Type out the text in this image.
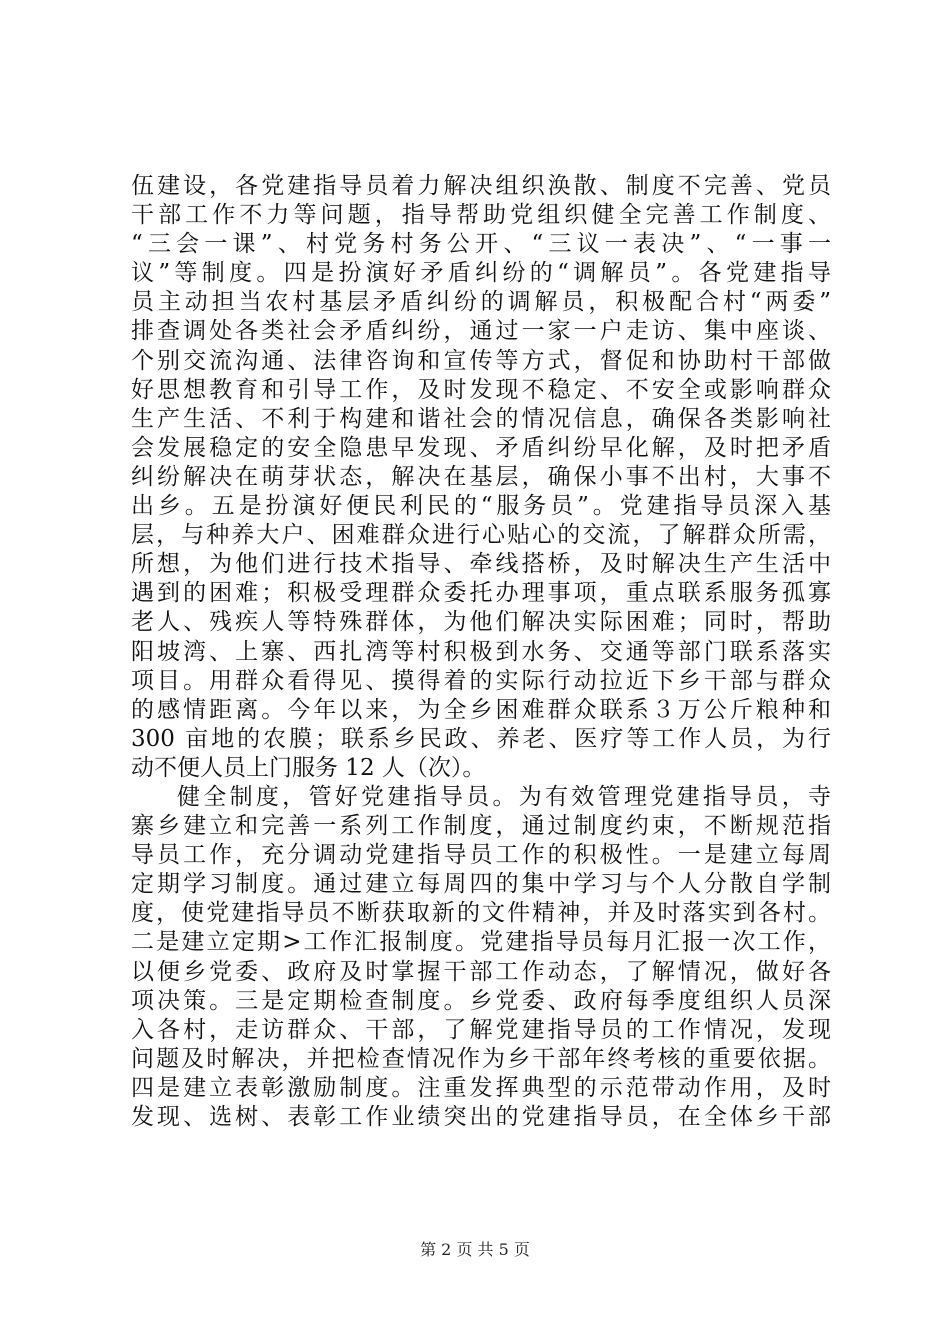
伍建设，各党建指导员着力解决组织涣散、制度不完善、党员
干部工作不力等问题，指导帮助党组织健全完善工作制度、
“三会一课”、村党务村务公开、“三议一表决”、“一事一
议”等制度。四是扮演好矛盾纠纷的“调解员”。各党建指导
员主动担当农村基层矛盾纠纷的调解员，积极配合村“两委”
排查调处各类社会矛盾纠纷，通过一家一户走访、集中座谈、
个别交流沟通、法律咨询和宣传等方式，督促和协助村干部做
好思想教育和引导工作，及时发现不稳定、不安全或影响群众
生产生活、不利于构建和谐社会的情况信息，确保各类影响社
会发展稳定的安全隐患早发现、矛盾纠纷早化解，及时把矛盾
纠纷解决在萌芽状态，解决在基层，确保小事不出村，大事不
出乡。五是扮演好便民利民的“服务员”。党建指导员深入基
层，与种养大户、困难群众进行心贴心的交流，了解群众所需，
所想，为他们进行技术指导、牵线搭桥，及时解决生产生活中
遇到的困难；积极受理群众委托办理事项，重点联系服务孤寡
老人、残疾人等特殊群体，为他们解决实际困难；同时，帮助
阳坡湾、上寨、西扎湾等村积极到水务、交通等部门联系落实
项目。用群众看得见、摸得着的实际行动拉近下乡干部与群众
的感情距离。今年以来，为全乡困难群众联系３万公斤粮种和
300 亩地的农膜；联系乡民政、养老、医疗等工作人员，为行
动不便人员上门服务 12 人（次）。
健全制度，管好党建指导员。为有效管理党建指导员，寺
寨乡建立和完善一系列工作制度，通过制度约束，不断规范指
导员工作，充分调动党建指导员工作的积极性。一是建立每周
定期学习制度。通过建立每周四的集中学习与个人分散自学制
度，使党建指导员不断获取新的文件精神，并及时落实到各村。
二是建立定期>工作汇报制度。党建指导员每月汇报一次工作，
以便乡党委、政府及时掌握干部工作动态，了解情况，做好各
项决策。三是定期检查制度。乡党委、政府每季度组织人员深
入各村，走访群众、干部，了解党建指导员的工作情况，发现
问题及时解决，并把检查情况作为乡干部年终考核的重要依据。
四是建立表彰激励制度。注重发挥典型的示范带动作用，及时
发现、选树、表彰工作业绩突出的党建指导员，在全体乡干部
第 2 页 共 5 页
